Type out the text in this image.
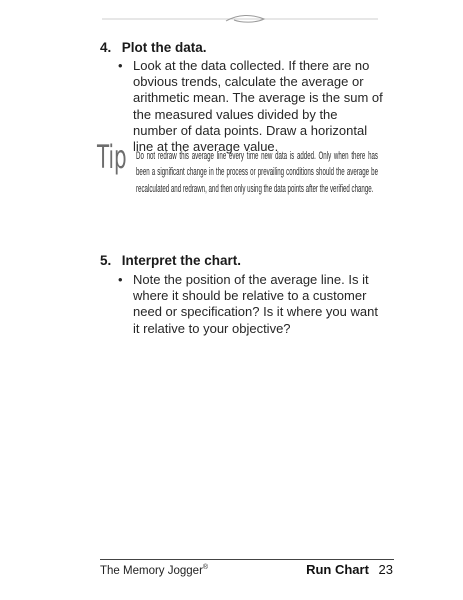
4. Plot the data.
• Look at the data collected. If there are no obvious trends, calculate the average or arithmetic mean. The average is the sum of the measured values divided by the number of data points. Draw a horizontal line at the average value.
Tip Do not redraw this average line every time new data is added. Only when there has been a significant change in the process or prevailing conditions should the average be recalculated and redrawn, and then only using the data points after the verified change.
5. Interpret the chart.
• Note the position of the average line. Is it where it should be relative to a customer need or specification? Is it where you want it relative to your objective?
The Memory Jogger®	Run Chart 23
